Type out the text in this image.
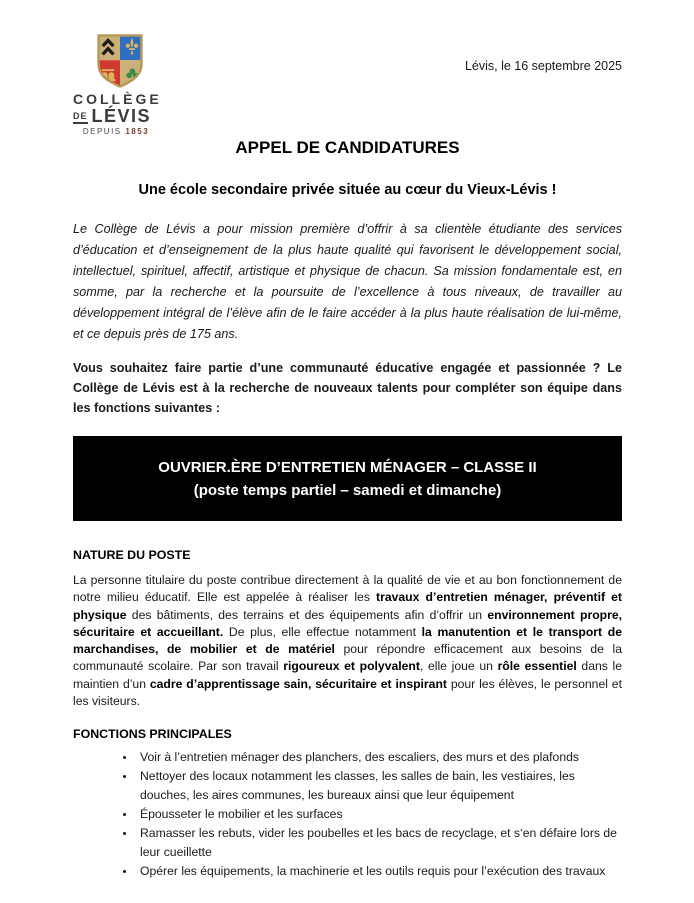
COLLÈGE
DE LÉVIS
DEPUIS 1853
Lévis, le 16 septembre 2025
APPEL DE CANDIDATURES
Une école secondaire privée située au cœur du Vieux-Lévis !

Le Collège de Lévis a pour mission première d’offrir à sa clientèle étudiante des services d’éducation et d’enseignement de la plus haute qualité qui favorisent le développement social, intellectuel, spirituel, affectif, artistique et physique de chacun. Sa mission fondamentale est, en somme, par la recherche et la poursuite de l’excellence à tous niveaux, de travailler au développement intégral de l’élève afin de le faire accéder à la plus haute réalisation de lui-même, et ce depuis près de 175 ans.

Vous souhaitez faire partie d’une communauté éducative engagée et passionnée ? Le Collège de Lévis est à la recherche de nouveaux talents pour compléter son équipe dans les fonctions suivantes :

OUVRIER.ÈRE D’ENTRETIEN MÉNAGER – CLASSE II
(poste temps partiel – samedi et dimanche)
NATURE DU POSTE

La personne titulaire du poste contribue directement à la qualité de vie et au bon fonctionnement de notre milieu éducatif. Elle est appelée à réaliser les travaux d’entretien ménager, préventif et physique des bâtiments, des terrains et des équipements afin d’offrir un environnement propre, sécuritaire et accueillant. De plus, elle effectue notamment la manutention et le transport de marchandises, de mobilier et de matériel pour répondre efficacement aux besoins de la communauté scolaire. Par son travail rigoureux et polyvalent, elle joue un rôle essentiel dans le maintien d’un cadre d’apprentissage sain, sécuritaire et inspirant pour les élèves, le personnel et les visiteurs.

FONCTIONS PRINCIPALES
• Voir à l’entretien ménager des planchers, des escaliers, des murs et des plafonds
• Nettoyer des locaux notamment les classes, les salles de bain, les vestiaires, les douches, les aires communes, les bureaux ainsi que leur équipement
• Épousseter le mobilier et les surfaces
• Ramasser les rebuts, vider les poubelles et les bacs de recyclage, et s‘en défaire lors de leur cueillette
• Opérer les équipements, la machinerie et les outils requis pour l’exécution des travaux
